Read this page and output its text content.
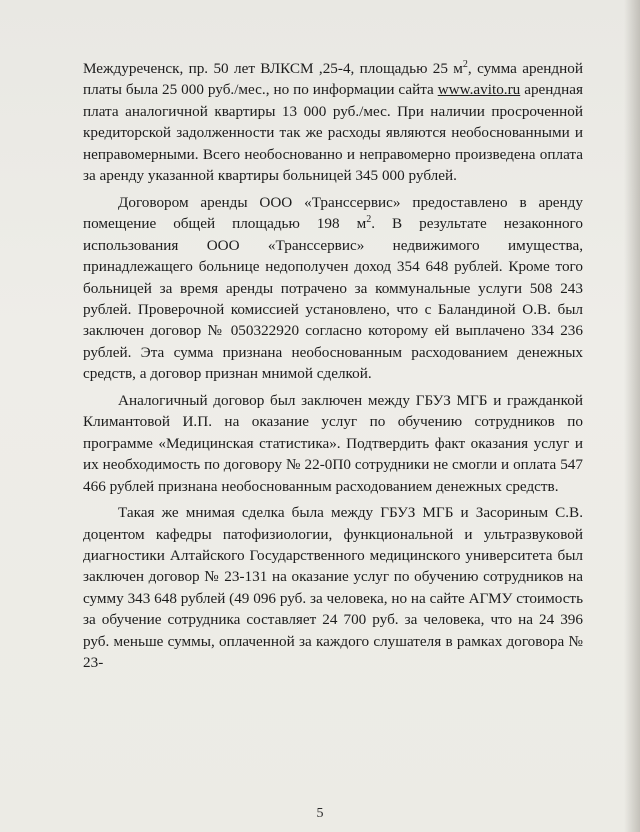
Междуреченск, пр. 50 лет ВЛКСМ ,25-4, площадью 25 $м^2$, сумма арендной платы была 25 000 руб./мес., но по информации сайта www.avito.ru арендная плата аналогичной квартиры 13 000 руб./мес. При наличии просроченной кредиторской задолженности так же расходы являются необоснованными и неправомерными. Всего необоснованно и неправомерно произведена оплата за аренду указанной квартиры больницей 345 000 рублей.

Договором аренды ООО «Транссервис» предоставлено в аренду помещение общей площадью 198 $м^2$. В результате незаконного использования ООО «Транссервис» недвижимого имущества, принадлежащего больнице недополучен доход 354 648 рублей. Кроме того больницей за время аренды потрачено за коммунальные услуги 508 243 рублей. Проверочной комиссией установлено, что с Баландиной О.В. был заключен договор № 050322920 согласно которому ей выплачено 334 236 рублей. Эта сумма признана необоснованным расходованием денежных средств, а договор признан мнимой сделкой.

Аналогичный договор был заключен между ГБУЗ МГБ и гражданкой Климантовой И.П. на оказание услуг по обучению сотрудников по программе «Медицинская статистика». Подтвердить факт оказания услуг и их необходимость по договору № 22-0П0 сотрудники не смогли и оплата 547 466 рублей признана необоснованным расходованием денежных средств.

Такая же мнимая сделка была между ГБУЗ МГБ и Засориным С.В. доцентом кафедры патофизиологии, функциональной и ультразвуковой диагностики Алтайского Государственного медицинского университета был заключен договор № 23-131 на оказание услуг по обучению сотрудников на сумму 343 648 рублей (49 096 руб. за человека, но на сайте АГМУ стоимость за обучение сотрудника составляет 24 700 руб. за человека, что на 24 396 руб. меньше суммы, оплаченной за каждого слушателя в рамках договора № 23-

5
